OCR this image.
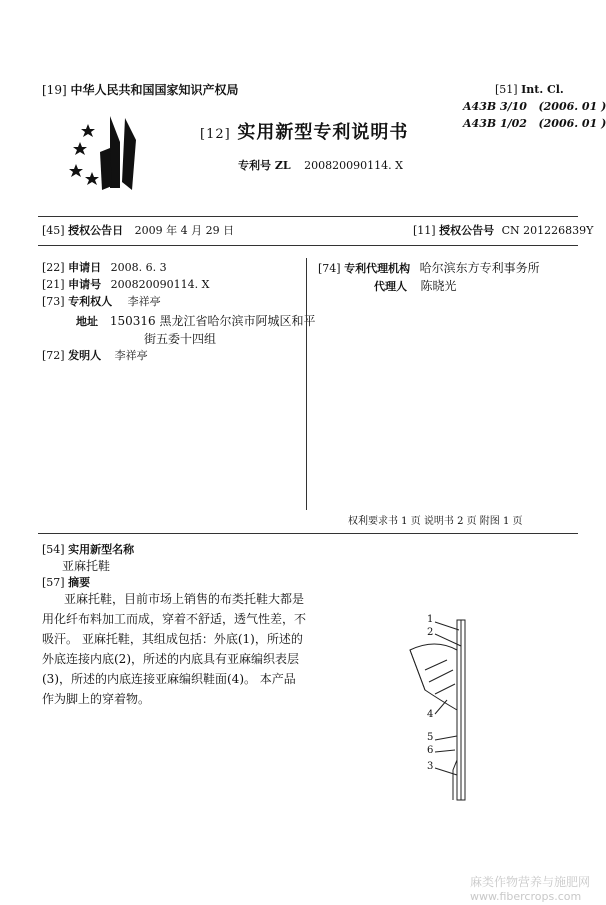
[19] 中华人民共和国国家知识产权局
[12] 实用新型专利说明书
专利号 ZL 200820090114. X
[51] Int. Cl.
A43B 3/10 (2006. 01 )
A43B 1/02 (2006. 01 )
[45] 授权公告日 2009 年 4 月 29 日	[11] 授权公告号 CN 201226839Y
[22] 申请日 2008. 6. 3
[21] 申请号 200820090114. X
[73] 专利权人 李祥亭
地址 150316 黑龙江省哈尔滨市阿城区和平
街五委十四组
[72] 发明人 李祥亭
[74] 专利代理机构 哈尔滨东方专利事务所
代理人 陈晓光
权利要求书 1 页 说明书 2 页 附图 1 页
[54] 实用新型名称
亚麻托鞋
[57] 摘要
亚麻托鞋，目前市场上销售的布类托鞋大都是
用化纤布料加工而成，穿着不舒适，透气性差，不
吸汗。 亚麻托鞋，其组成包括：外底(1)，所述的
外底连接内底(2)，所述的内底具有亚麻编织表层
(3)，所述的内底连接亚麻编织鞋面(4)。 本产品
作为脚上的穿着物。
1
2
4
5
6
3
麻类作物营养与施肥网
www.fibercrops.com
